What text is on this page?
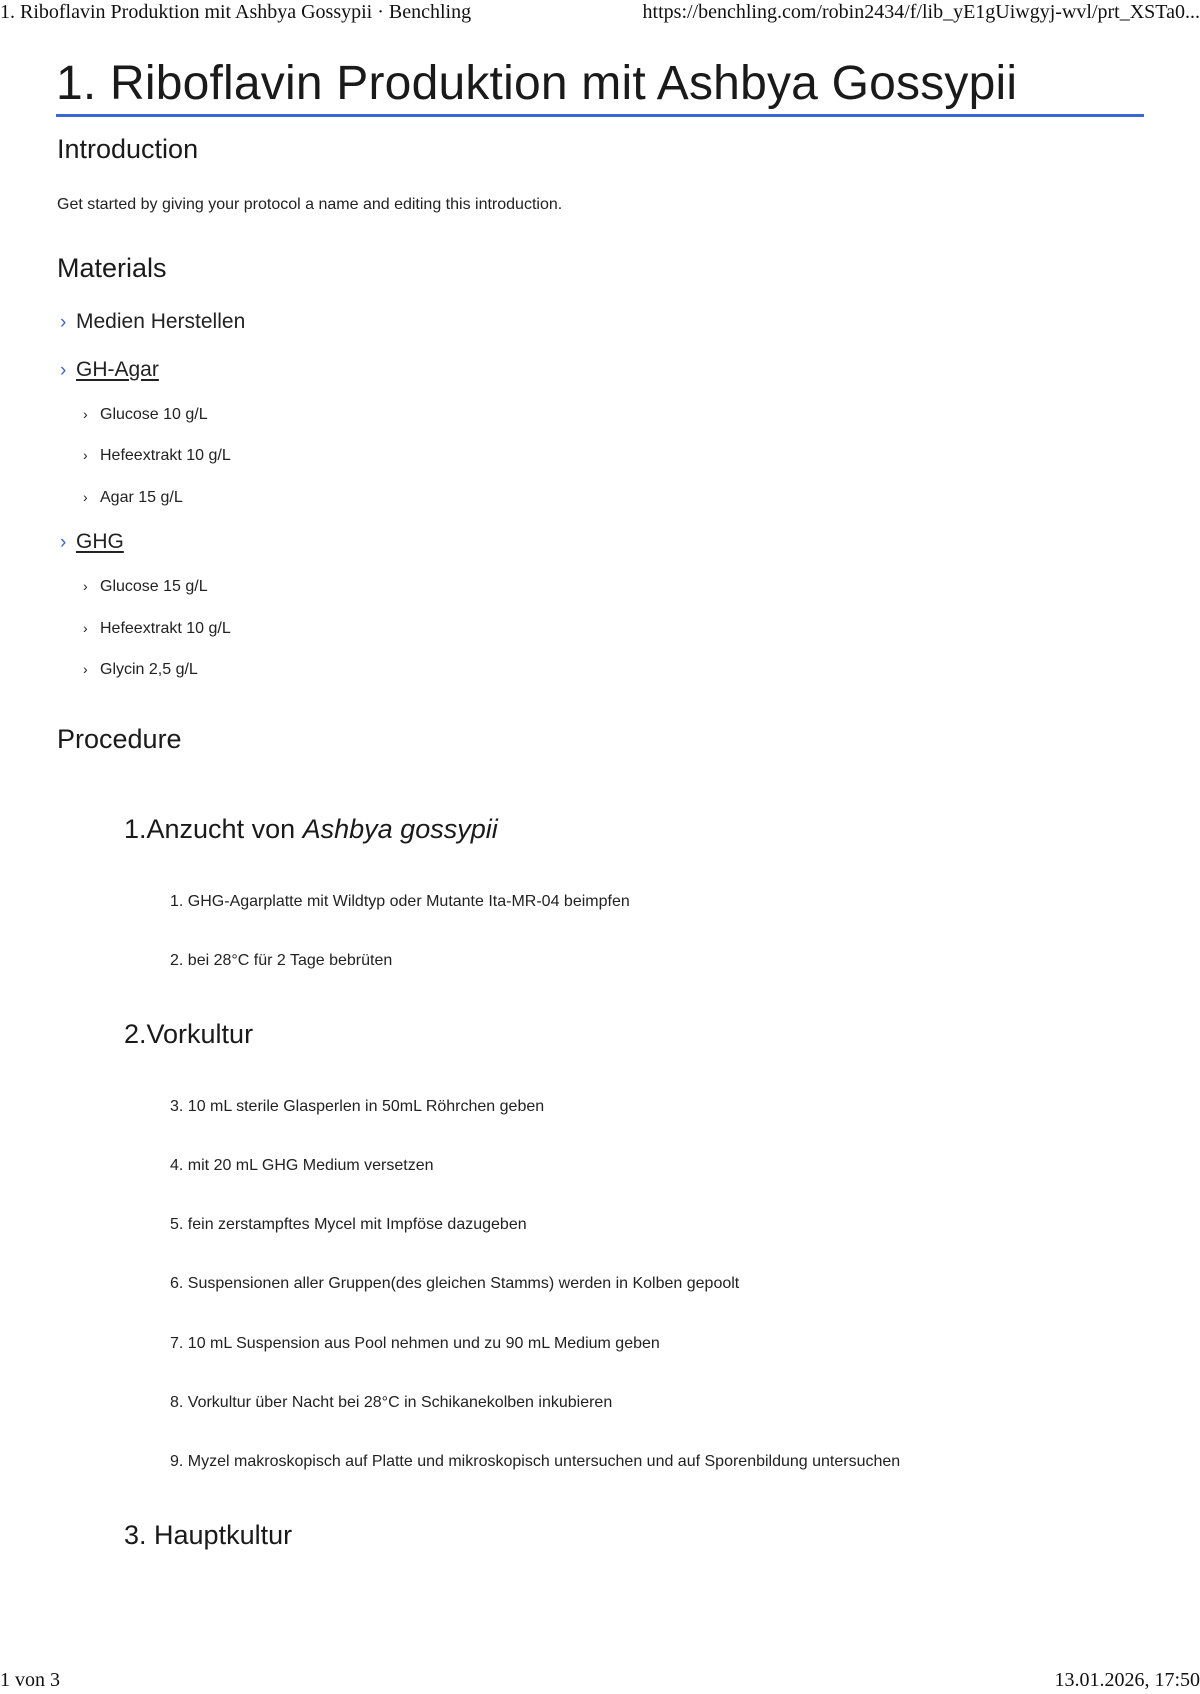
1. Riboflavin Produktion mit Ashbya Gossypii · Benchling	https://benchling.com/robin2434/f/lib_yE1gUiwgyj-wvl/prt_XSTa0...
1. Riboflavin Produktion mit Ashbya Gossypii
Introduction

Get started by giving your protocol a name and editing this introduction.

Materials
› Medien Herstellen
› GH-Agar
› Glucose 10 g/L
› Hefeextrakt 10 g/L
› Agar 15 g/L
› GHG
› Glucose 15 g/L
› Hefeextrakt 10 g/L
› Glycin 2,5 g/L
Procedure
1.Anzucht von Ashbya gossypii
1. GHG-Agarplatte mit Wildtyp oder Mutante Ita-MR-04 beimpfen
2. bei 28°C für 2 Tage bebrüten
2.Vorkultur
3. 10 mL sterile Glasperlen in 50mL Röhrchen geben
4. mit 20 mL GHG Medium versetzen
5. fein zerstampftes Mycel mit Impföse dazugeben
6. Suspensionen aller Gruppen(des gleichen Stamms) werden in Kolben gepoolt
7. 10 mL Suspension aus Pool nehmen und zu 90 mL Medium geben
8. Vorkultur über Nacht bei 28°C in Schikanekolben inkubieren
9. Myzel makroskopisch auf Platte und mikroskopisch untersuchen und auf Sporenbildung untersuchen
3. Hauptkultur
1 von 3	13.01.2026, 17:50
